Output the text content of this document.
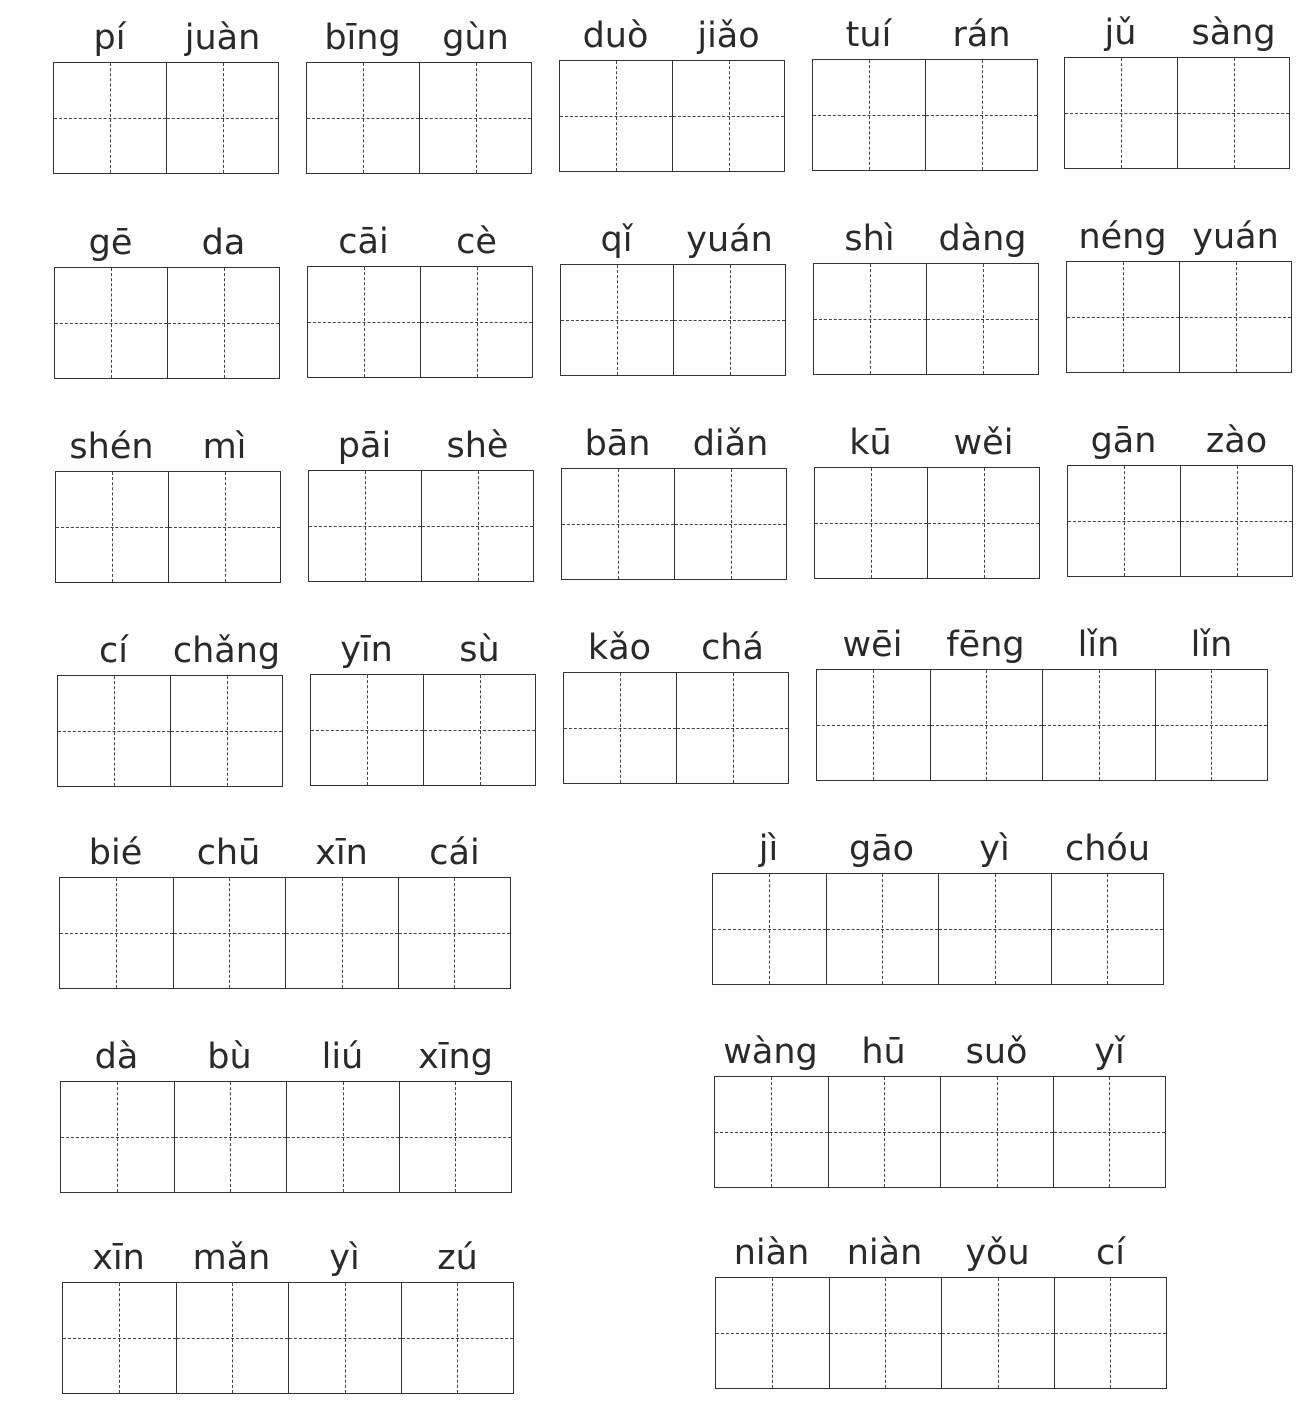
pí	juàn	bīng	gùn	duò	jiǎo	tuí	rán	jǔ	sàng
gē	da	cāi	cè	qǐ	yuán	shì	dàng	néng yuán
shén	mì	pāi	shè	bān	diǎn	kū	wěi	gān	zào
cí	chǎng	yīn	sù	kǎo	chá	wēi	fēng	lǐn	lǐn
bié	chū	xīn	cái	jì	gāo	yì	chóu
dà	bù	liú	xīng	wàng	hū	suǒ	yǐ
xīn	mǎn	yì	zú	niàn	niàn	yǒu	cí
